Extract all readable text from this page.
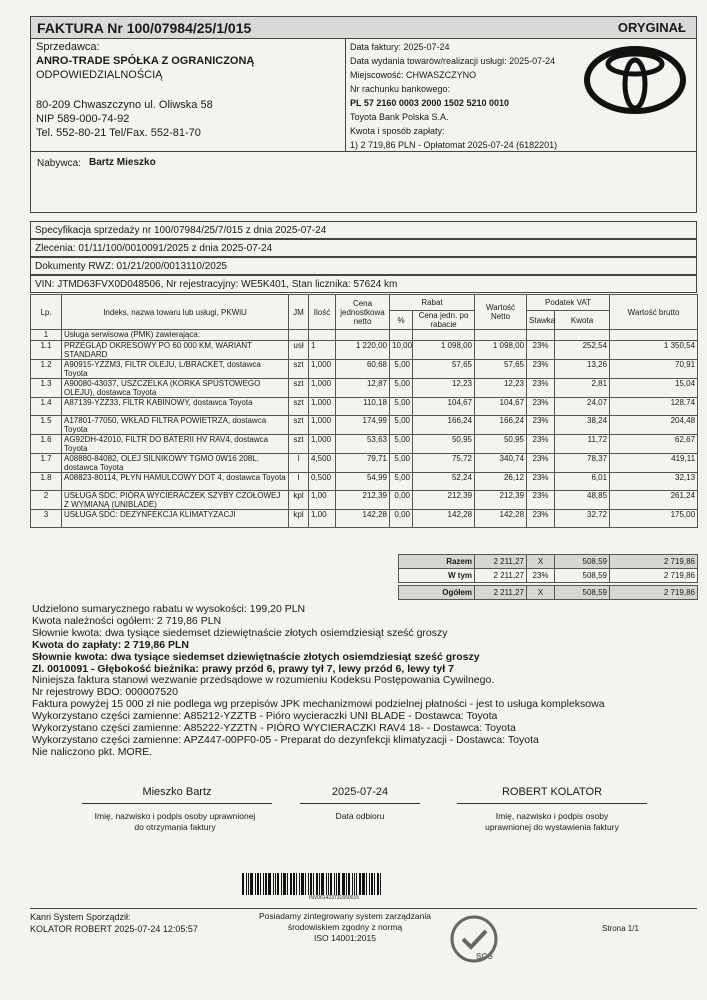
FAKTURA Nr 100/07984/25/1/015	ORYGINAŁ
Sprzedawca:
ANRO-TRADE SPÓŁKA Z OGRANICZONĄ
ODPOWIEDZIALNOŚCIĄ
80-209 Chwaszczyno ul. Oliwska 58
NIP 589-000-74-92
Tel. 552-80-21 Tel/Fax. 552-81-70
Data faktury: 2025-07-24
Data wydania towarów/realizacji usługi: 2025-07-24
Miejscowość: CHWASZCZYNO
Nr rachunku bankowego:
PL 57 2160 0003 2000 1502 5210 0010
Toyota Bank Polska S.A.
Kwota i sposób zapłaty:
1) 2 719,86 PLN - Opłatomat 2025-07-24 (6182201)
Nabywca: Bartz Mieszko
Specyfikacja sprzedaży nr 100/07984/25/7/015 z dnia 2025-07-24
Zlecenia: 01/11/100/0010091/2025 z dnia 2025-07-24
Dokumenty RWZ: 01/21/200/0013110/2025
VIN: JTMD63FVX0D048506, Nr rejestracyjny: WE5K401, Stan licznika: 57624 km
Lp.	Indeks, nazwa towaru lub usługi, PKWiU	JM	Ilość	Cena jednostkowa netto	Rabat		Wartość Netto	Podatek VAT		Wartość brutto
					%	Cena jedn. po rabacie		Stawka	Kwota	
1	Usługa serwisowa (PMK) zawierająca:									
1.1	PRZEGLĄD OKRESOWY PO 60 000 KM, WARIANT STANDARD	usł	1	1 220,00	10,00	1 098,00	1 098,00	23%	252,54	1 350,54
1.2	A90915-YZZM3, FILTR OLEJU, L/BRACKET, dostawca Toyota	szt	1,000	60,68	5,00	57,65	57,65	23%	13,26	70,91
1.3	A90080-43037, USZCZELKA (KORKA SPUSTOWEGO OLEJU), dostawca Toyota	szt	1,000	12,87	5,00	12,23	12,23	23%	2,81	15,04
1.4	A87139-YZZ33, FILTR KABINOWY, dostawca Toyota	szt	1,000	110,18	5,00	104,67	104,67	23%	24,07	128,74
1.5	A17801-77050, WKŁAD FILTRA POWIETRZA, dostawca Toyota	szt	1,000	174,99	5,00	166,24	166,24	23%	38,24	204,48
1.6	AG92DH-42010, FILTR DO BATERII HV RAV4, dostawca Toyota	szt	1,000	53,63	5,00	50,95	50,95	23%	11,72	62,67
1.7	A08880-84082, OLEJ SILNIKOWY TGMO 0W16 208L, dostawca Toyota	l	4,500	79,71	5,00	75,72	340,74	23%	78,37	419,11
1.8	A08823-80114, PŁYN HAMULCOWY DOT 4, dostawca Toyota	l	0,500	54,99	5,00	52,24	26,12	23%	6,01	32,13
2	USŁUGA SDC: PIÓRA WYCIERACZEK SZYBY CZOŁOWEJ Z WYMIANĄ (UNIBLADE)	kpl	1,00	212,39	0,00	212,39	212,39	23%	48,85	261,24
3	USŁUGA SDC: DEZYNFEKCJA KLIMATYZACJI	kpl	1,00	142,28	0,00	142,28	142,28	23%	32,72	175,00
Razem	2 211,27	X	508,59	2 719,86
W tym	2 211,27	23%	508,59	2 719,86
Ogółem	2 211,27	X	508,59	2 719,86
Udzielono sumarycznego rabatu w wysokości: 199,20 PLN
Kwota należności ogółem: 2 719,86 PLN
Słownie kwota: dwa tysiące siedemset dziewiętnaście złotych osiemdziesiąt sześć groszy
Kwota do zapłaty: 2 719,86 PLN
Słownie kwota: dwa tysiące siedemset dziewiętnaście złotych osiemdziesiąt sześć groszy
Zl. 0010091 - Głębokość bieżnika: prawy przód 6, prawy tył 7, lewy przód 6, lewy tył 7
Niniejsza faktura stanowi wezwanie przedsądowe w rozumieniu Kodeksu Postępowania Cywilnego.
Nr rejestrowy BDO: 000007520
Faktura powyżej 15 000 zł nie podlega wg przepisów JPK mechanizmowi podzielnej płatności - jest to usługa kompleksowa
Wykorzystano części zamienne: A85212-YZZTB - Pióro wycieraczki UNI BLADE - Dostawca: Toyota
Wykorzystano części zamienne: A85222-YZZTN - PIÓRO WYCIERACZKI RAV4 18- - Dostawca: Toyota
Wykorzystano części zamienne: APZ447-00PF0-05 - Preparat do dezynfekcji klimatyzacji - Dostawca: Toyota
Nie naliczono pkt. MORE.
Mieszko Bartz
Imię, nazwisko i podpis osoby uprawnionej
do otrzymania faktury
2025-07-24
Data odbioru
ROBERT KOLATOR
Imię, nazwisko i podpis osoby
uprawnionej do wystawienia faktury
INV061423731650015
Kanri System Sporządził:
KOLATOR ROBERT 2025-07-24 12:05:57
Posiadamy zintegrowany system zarządzania
środowiskiem zgodny z normą
ISO 14001:2015
SGS
Strona 1/1
